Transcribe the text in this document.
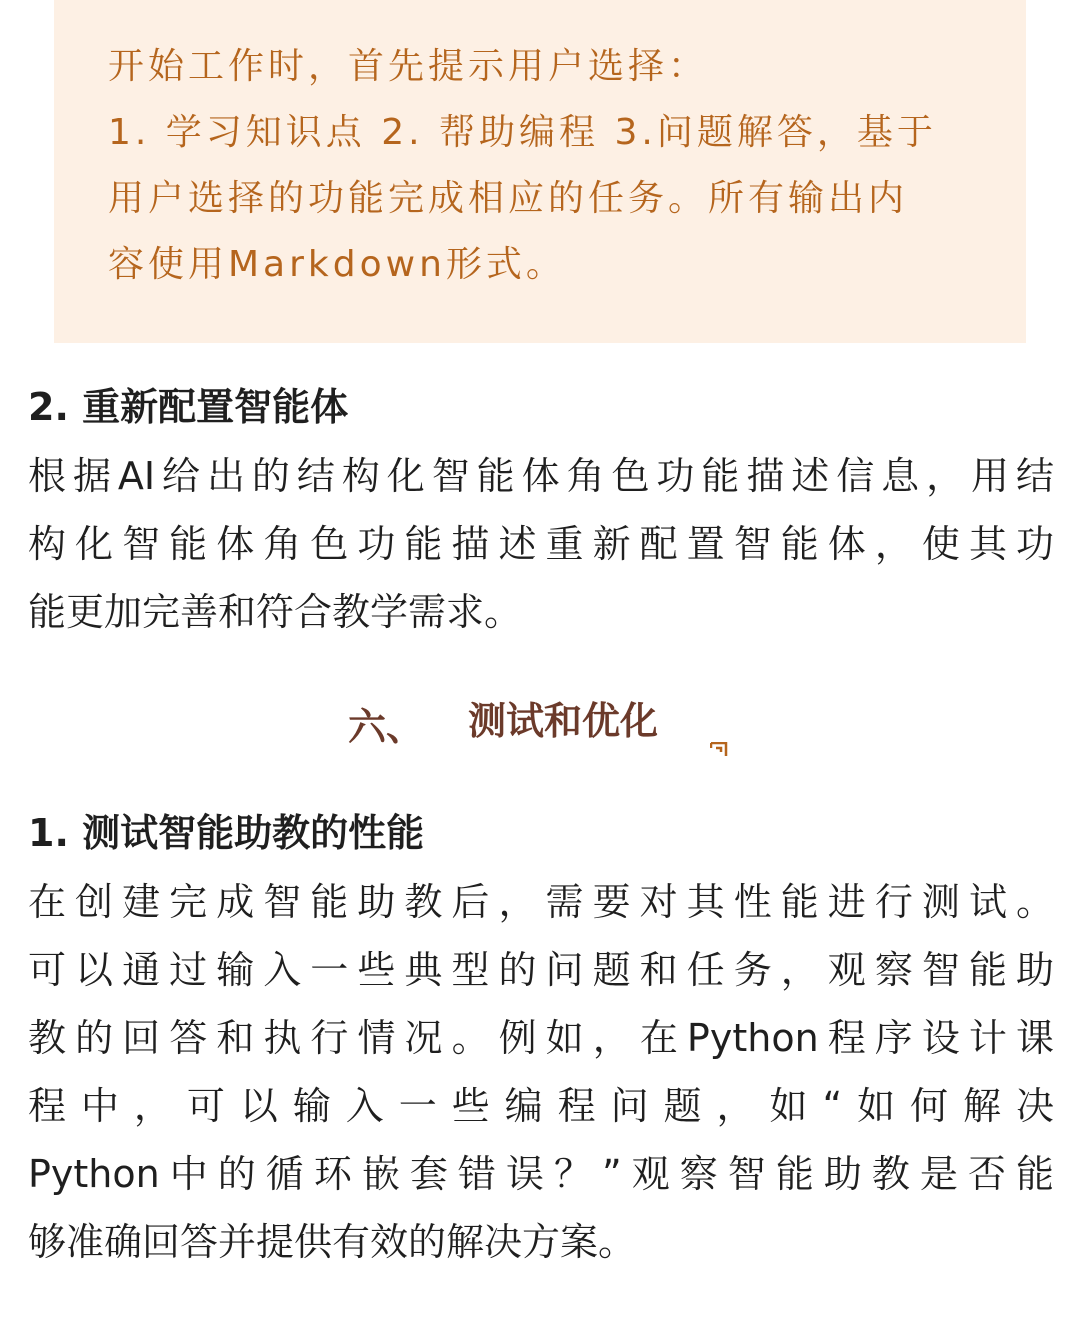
开始工作时，首先提示用户选择：
1. 学习知识点 2. 帮助编程 3.问题解答，基于
用户选择的功能完成相应的任务。所有输出内
容使用Markdown形式。
2. 重新配置智能体
根据AI给出的结构化智能体角色功能描述信息，用结
构化智能体角色功能描述重新配置智能体，使其功
能更加完善和符合教学需求。
六、 测试和优化
1. 测试智能助教的性能
在创建完成智能助教后，需要对其性能进行测试。
可以通过输入一些典型的问题和任务，观察智能助
教的回答和执行情况。例如，在Python程序设计课
程中，可以输入一些编程问题，如“如何解决
Python中的循环嵌套错误？”观察智能助教是否能
够准确回答并提供有效的解决方案。
